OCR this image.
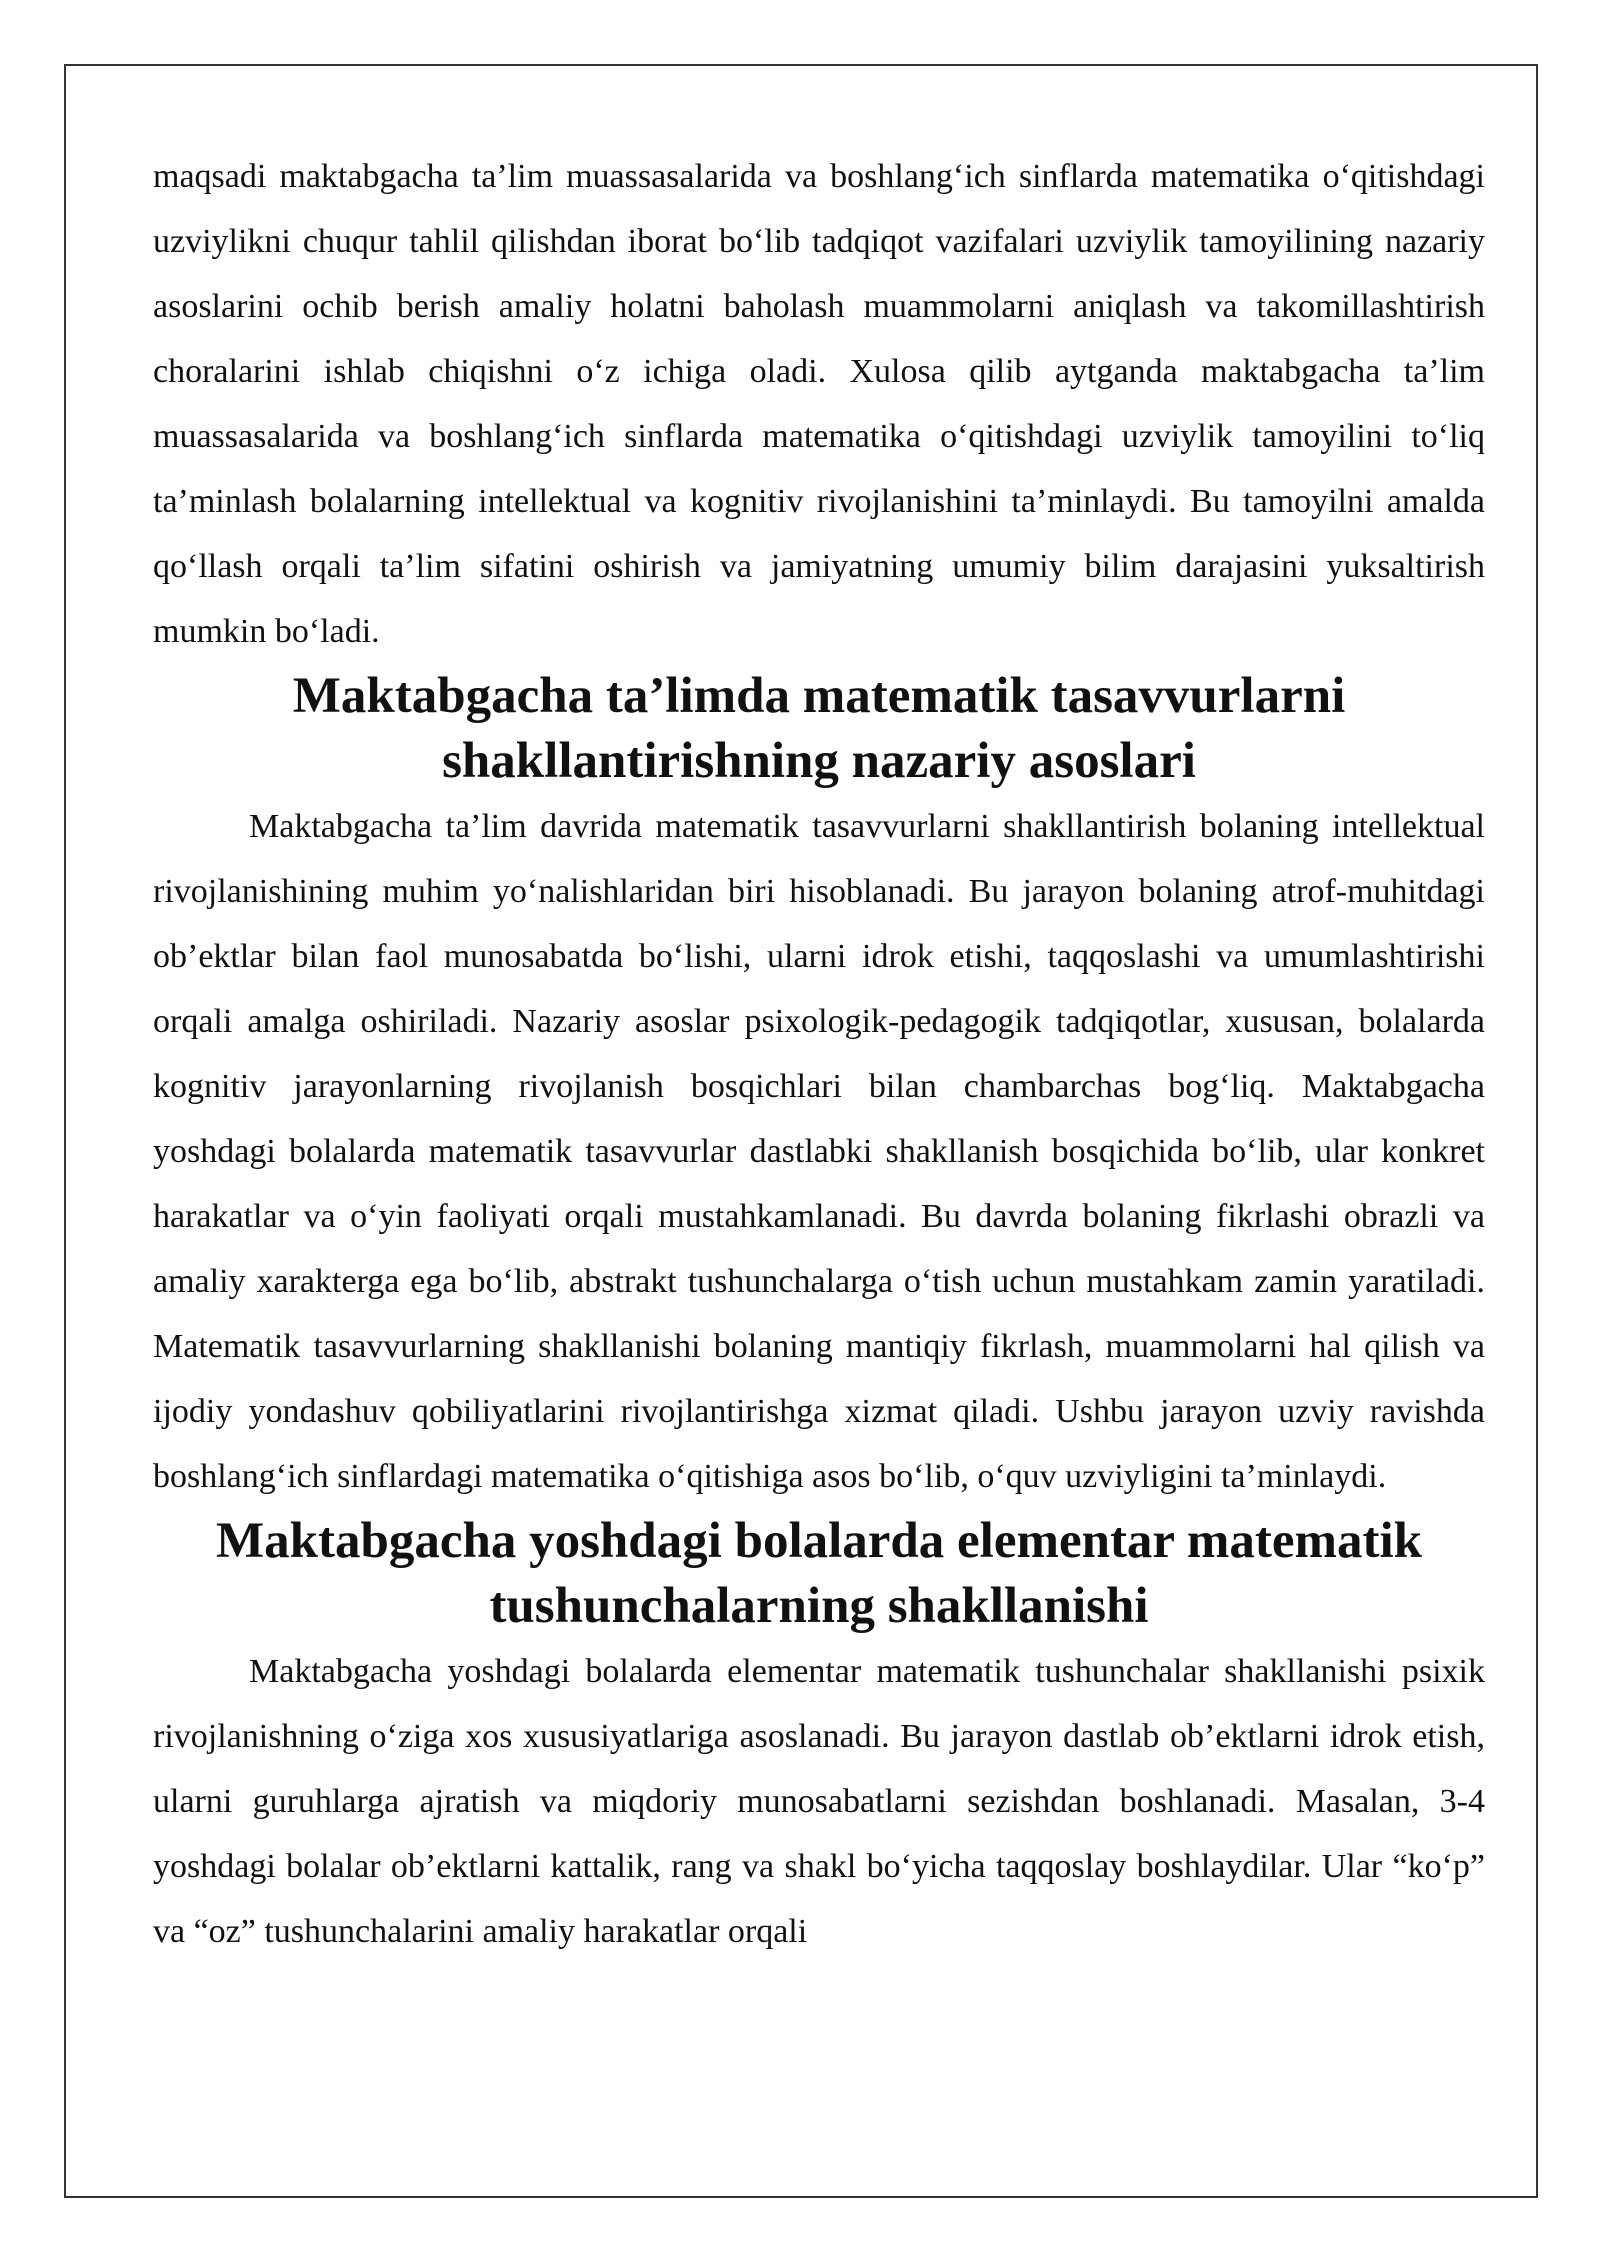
maqsadi maktabgacha ta’lim muassasalarida va boshlang‘ich sinflarda matematika o‘qitishdagi uzviylikni chuqur tahlil qilishdan iborat bo‘lib tadqiqot vazifalari uzviylik tamoyilining nazariy asoslarini ochib berish amaliy holatni baholash muammolarni aniqlash va takomillashtirish choralarini ishlab chiqishni o‘z ichiga oladi. Xulosa qilib aytganda maktabgacha ta’lim muassasalarida va boshlang‘ich sinflarda matematika o‘qitishdagi uzviylik tamoyilini to‘liq ta’minlash bolalarning intellektual va kognitiv rivojlanishini ta’minlaydi. Bu tamoyilni amalda qo‘llash orqali ta’lim sifatini oshirish va jamiyatning umumiy bilim darajasini yuksaltirish mumkin bo‘ladi.

Maktabgacha ta’limda matematik tasavvurlarni shakllantirishning nazariy asoslari

Maktabgacha ta’lim davrida matematik tasavvurlarni shakllantirish bolaning intellektual rivojlanishining muhim yo‘nalishlaridan biri hisoblanadi. Bu jarayon bolaning atrof-muhitdagi ob’ektlar bilan faol munosabatda bo‘lishi, ularni idrok etishi, taqqoslashi va umumlashtirishi orqali amalga oshiriladi. Nazariy asoslar psixologik-pedagogik tadqiqotlar, xususan, bolalarda kognitiv jarayonlarning rivojlanish bosqichlari bilan chambarchas bog‘liq. Maktabgacha yoshdagi bolalarda matematik tasavvurlar dastlabki shakllanish bosqichida bo‘lib, ular konkret harakatlar va o‘yin faoliyati orqali mustahkamlanadi. Bu davrda bolaning fikrlashi obrazli va amaliy xarakterga ega bo‘lib, abstrakt tushunchalarga o‘tish uchun mustahkam zamin yaratiladi. Matematik tasavvurlarning shakllanishi bolaning mantiqiy fikrlash, muammolarni hal qilish va ijodiy yondashuv qobiliyatlarini rivojlantirishga xizmat qiladi. Ushbu jarayon uzviy ravishda boshlang‘ich sinflardagi matematika o‘qitishiga asos bo‘lib, o‘quv uzviyligini ta’minlaydi.

Maktabgacha yoshdagi bolalarda elementar matematik tushunchalarning shakllanishi

Maktabgacha yoshdagi bolalarda elementar matematik tushunchalar shakllanishi psixik rivojlanishning o‘ziga xos xususiyatlariga asoslanadi. Bu jarayon dastlab ob’ektlarni idrok etish, ularni guruhlarga ajratish va miqdoriy munosabatlarni sezishdan boshlanadi. Masalan, 3-4 yoshdagi bolalar ob’ektlarni kattalik, rang va shakl bo‘yicha taqqoslay boshlaydilar. Ular “ko‘p” va “oz” tushunchalarini amaliy harakatlar orqali
